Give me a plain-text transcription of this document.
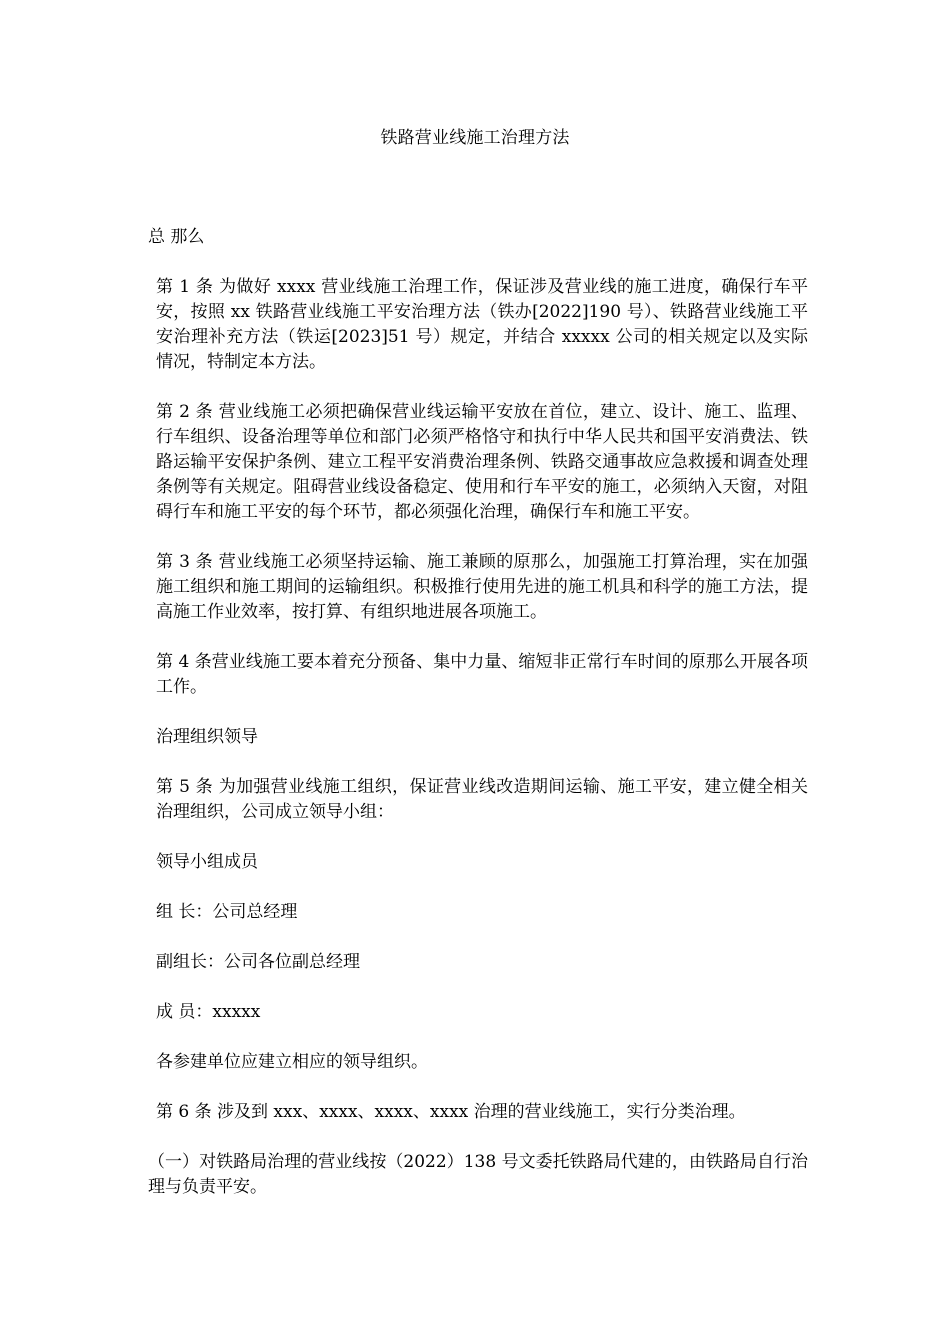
铁路营业线施工治理方法

总 那么

第 1 条 为做好 xxxx 营业线施工治理工作，保证涉及营业线的施工进度，确保行车平安，按照 xx 铁路营业线施工平安治理方法（铁办[2022]190 号）、铁路营业线施工平安治理补充方法（铁运[2023]51 号）规定，并结合 xxxxx 公司的相关规定以及实际情况，特制定本方法。

第 2 条 营业线施工必须把确保营业线运输平安放在首位，建立、设计、施工、监理、行车组织、设备治理等单位和部门必须严格恪守和执行中华人民共和国平安消费法、铁路运输平安保护条例、建立工程平安消费治理条例、铁路交通事故应急救援和调查处理条例等有关规定。阻碍营业线设备稳定、使用和行车平安的施工，必须纳入天窗，对阻碍行车和施工平安的每个环节，都必须强化治理，确保行车和施工平安。

第 3 条 营业线施工必须坚持运输、施工兼顾的原那么，加强施工打算治理，实在加强施工组织和施工期间的运输组织。积极推行使用先进的施工机具和科学的施工方法，提高施工作业效率，按打算、有组织地进展各项施工。

第 4 条营业线施工要本着充分预备、集中力量、缩短非正常行车时间的原那么开展各项工作。

治理组织领导

第 5 条 为加强营业线施工组织，保证营业线改造期间运输、施工平安，建立健全相关治理组织，公司成立领导小组：

领导小组成员

组 长：公司总经理

副组长：公司各位副总经理

成 员：xxxxx

各参建单位应建立相应的领导组织。

第 6 条 涉及到 xxx、xxxx、xxxx、xxxx 治理的营业线施工，实行分类治理。

（一）对铁路局治理的营业线按（2022）138 号文委托铁路局代建的，由铁路局自行治理与负责平安。
